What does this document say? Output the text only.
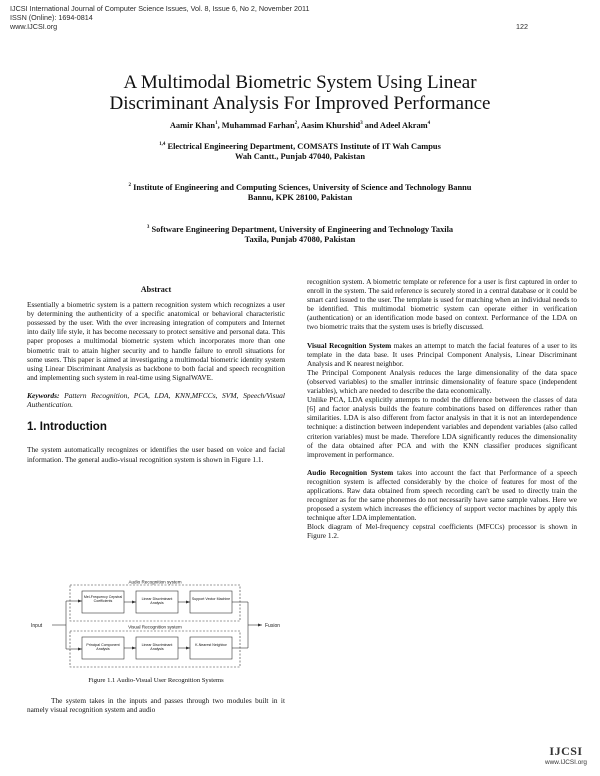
IJCSI International Journal of Computer Science Issues, Vol. 8, Issue 6, No 2, November 2011
ISSN (Online): 1694-0814
www.IJCSI.org	122
A Multimodal Biometric System Using Linear
Discriminant Analysis For Improved Performance
Aamir Khan$^1$, Muhammad Farhan$^2$, Aasim Khurshid$^3$ and Adeel Akram$^4$
$^{1,4}$ Electrical Engineering Department, COMSATS Institute of IT Wah Campus
Wah Cantt., Punjab 47040, Pakistan
$^2$ Institute of Engineering and Computing Sciences, University of Science and Technology Bannu
Bannu, KPK 28100, Pakistan
$^3$ Software Engineering Department, University of Engineering and Technology Taxila
Taxila, Punjab 47080, Pakistan
Abstract

Essentially a biometric system is a pattern recognition system which recognizes a user by determining the authenticity of a specific anatomical or behavioral characteristic possessed by the user. With the ever increasing integration of computers and Internet into daily life style, it has become necessary to protect sensitive and personal data. This paper proposes a multimodal biometric system which incorporates more than one biometric trait to attain higher security and to handle failure to enroll situations for some users. This paper is aimed at investigating a multimodal biometric identity system using Linear Discriminant Analysis as backbone to both facial and speech recognition and implementing such system in real-time using SignalWAVE.

Keywords: Pattern Recognition, PCA, LDA, KNN,MFCCs, SVM, Speech/Visual Authentication.

1. Introduction

The system automatically recognizes or identifies the user based on voice and facial information. The general audio-visual recognition system is shown in Figure 1.1.

Audio Recognition system
Visual Recognition system
Input	Fusion
Mel-Frequency Cepstral Coefficients
Linear Discriminant Analysis
Support Vector Machine
Principal Component Analysis
Linear Discriminant Analysis
K-Nearest Neighbor
Figure 1.1 Audio-Visual User Recognition Systems
The system takes in the inputs and passes through two modules built in it namely visual recognition system and audio

recognition system. A biometric template or reference for a user is first captured in order to enroll in the system. The said reference is securely stored in a central database or it could be smart card issued to the user. The template is used for matching when an individual needs to be identified. This multimodal biometric system can operate either in verification (authentication) or an identification mode based on context. Performance of the LDA on two biometric traits that the system uses is briefly discussed.

Visual Recognition System makes an attempt to match the facial features of a user to its template in the data base. It uses Principal Component Analysis, Linear Discriminant Analysis and K nearest neighbor.

The Principal Component Analysis reduces the large dimensionality of the data space (observed variables) to the smaller intrinsic dimensionality of feature space (independent variables), which are needed to describe the data economically.

Unlike PCA, LDA explicitly attempts to model the difference between the classes of data [6] and factor analysis builds the feature combinations based on differences rather than similarities. LDA is also different from factor analysis in that it is not an interdependence technique: a distinction between independent variables and dependent variables (also called criterion variables) must be made. Therefore LDA significantly reduces the dimensionality of the data obtained after PCA and with the KNN classifier produces significant improvement in performance.

Audio Recognition System takes into account the fact that Performance of a speech recognition system is affected considerably by the choice of features for most of the applications. Raw data obtained from speech recording can't be used to directly train the recognizer as for the same phonemes do not necessarily have same sample values. Here we proposed a system which increases the efficiency of support vector machines by apply this technique after LDA implementation.

Block diagram of Mel-frequency cepstral coefficients (MFCCs) processor is shown in Figure 1.2.

IJCSI
www.IJCSI.org
